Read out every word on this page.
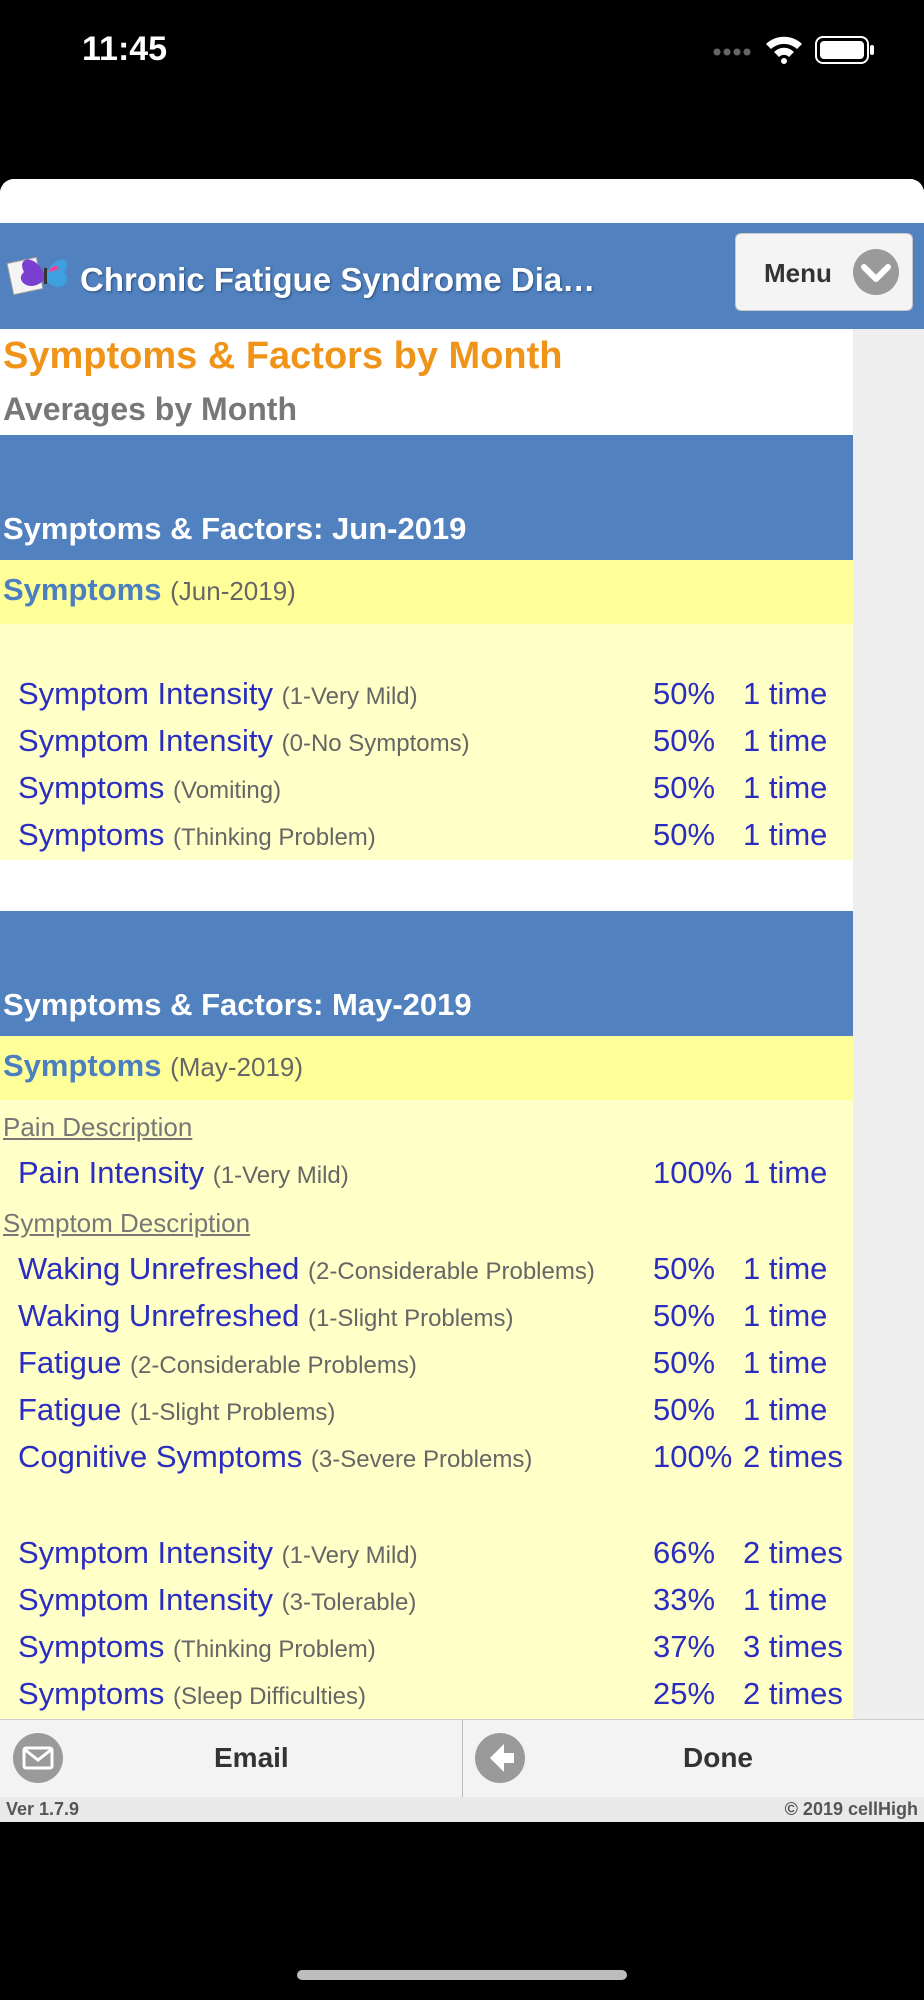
11:45
Chronic Fatigue Syndrome Dia…	Menu
Symptoms & Factors by Month
Averages by Month
Symptoms & Factors: Jun-2019
Symptoms (Jun-2019)
Symptom Intensity (1-Very Mild)	50% 1 time
Symptom Intensity (0-No Symptoms)	50% 1 time
Symptoms (Vomiting)	50% 1 time
Symptoms (Thinking Problem)	50% 1 time
Symptoms & Factors: May-2019
Symptoms (May-2019)
Pain Description
Pain Intensity (1-Very Mild)	100% 1 time
Symptom Description
Waking Unrefreshed (2-Considerable Problems) 50% 1 time
Waking Unrefreshed (1-Slight Problems)	50% 1 time
Fatigue (2-Considerable Problems)	50% 1 time
Fatigue (1-Slight Problems)	50% 1 time
Cognitive Symptoms (3-Severe Problems)	100% 2 times
Symptom Intensity (1-Very Mild)	66% 2 times
Symptom Intensity (3-Tolerable)	33% 1 time
Symptoms (Thinking Problem)	37% 3 times
Symptoms (Sleep Difficulties)	25% 2 times
Email	Done
Ver 1.7.9	© 2019 cellHigh
